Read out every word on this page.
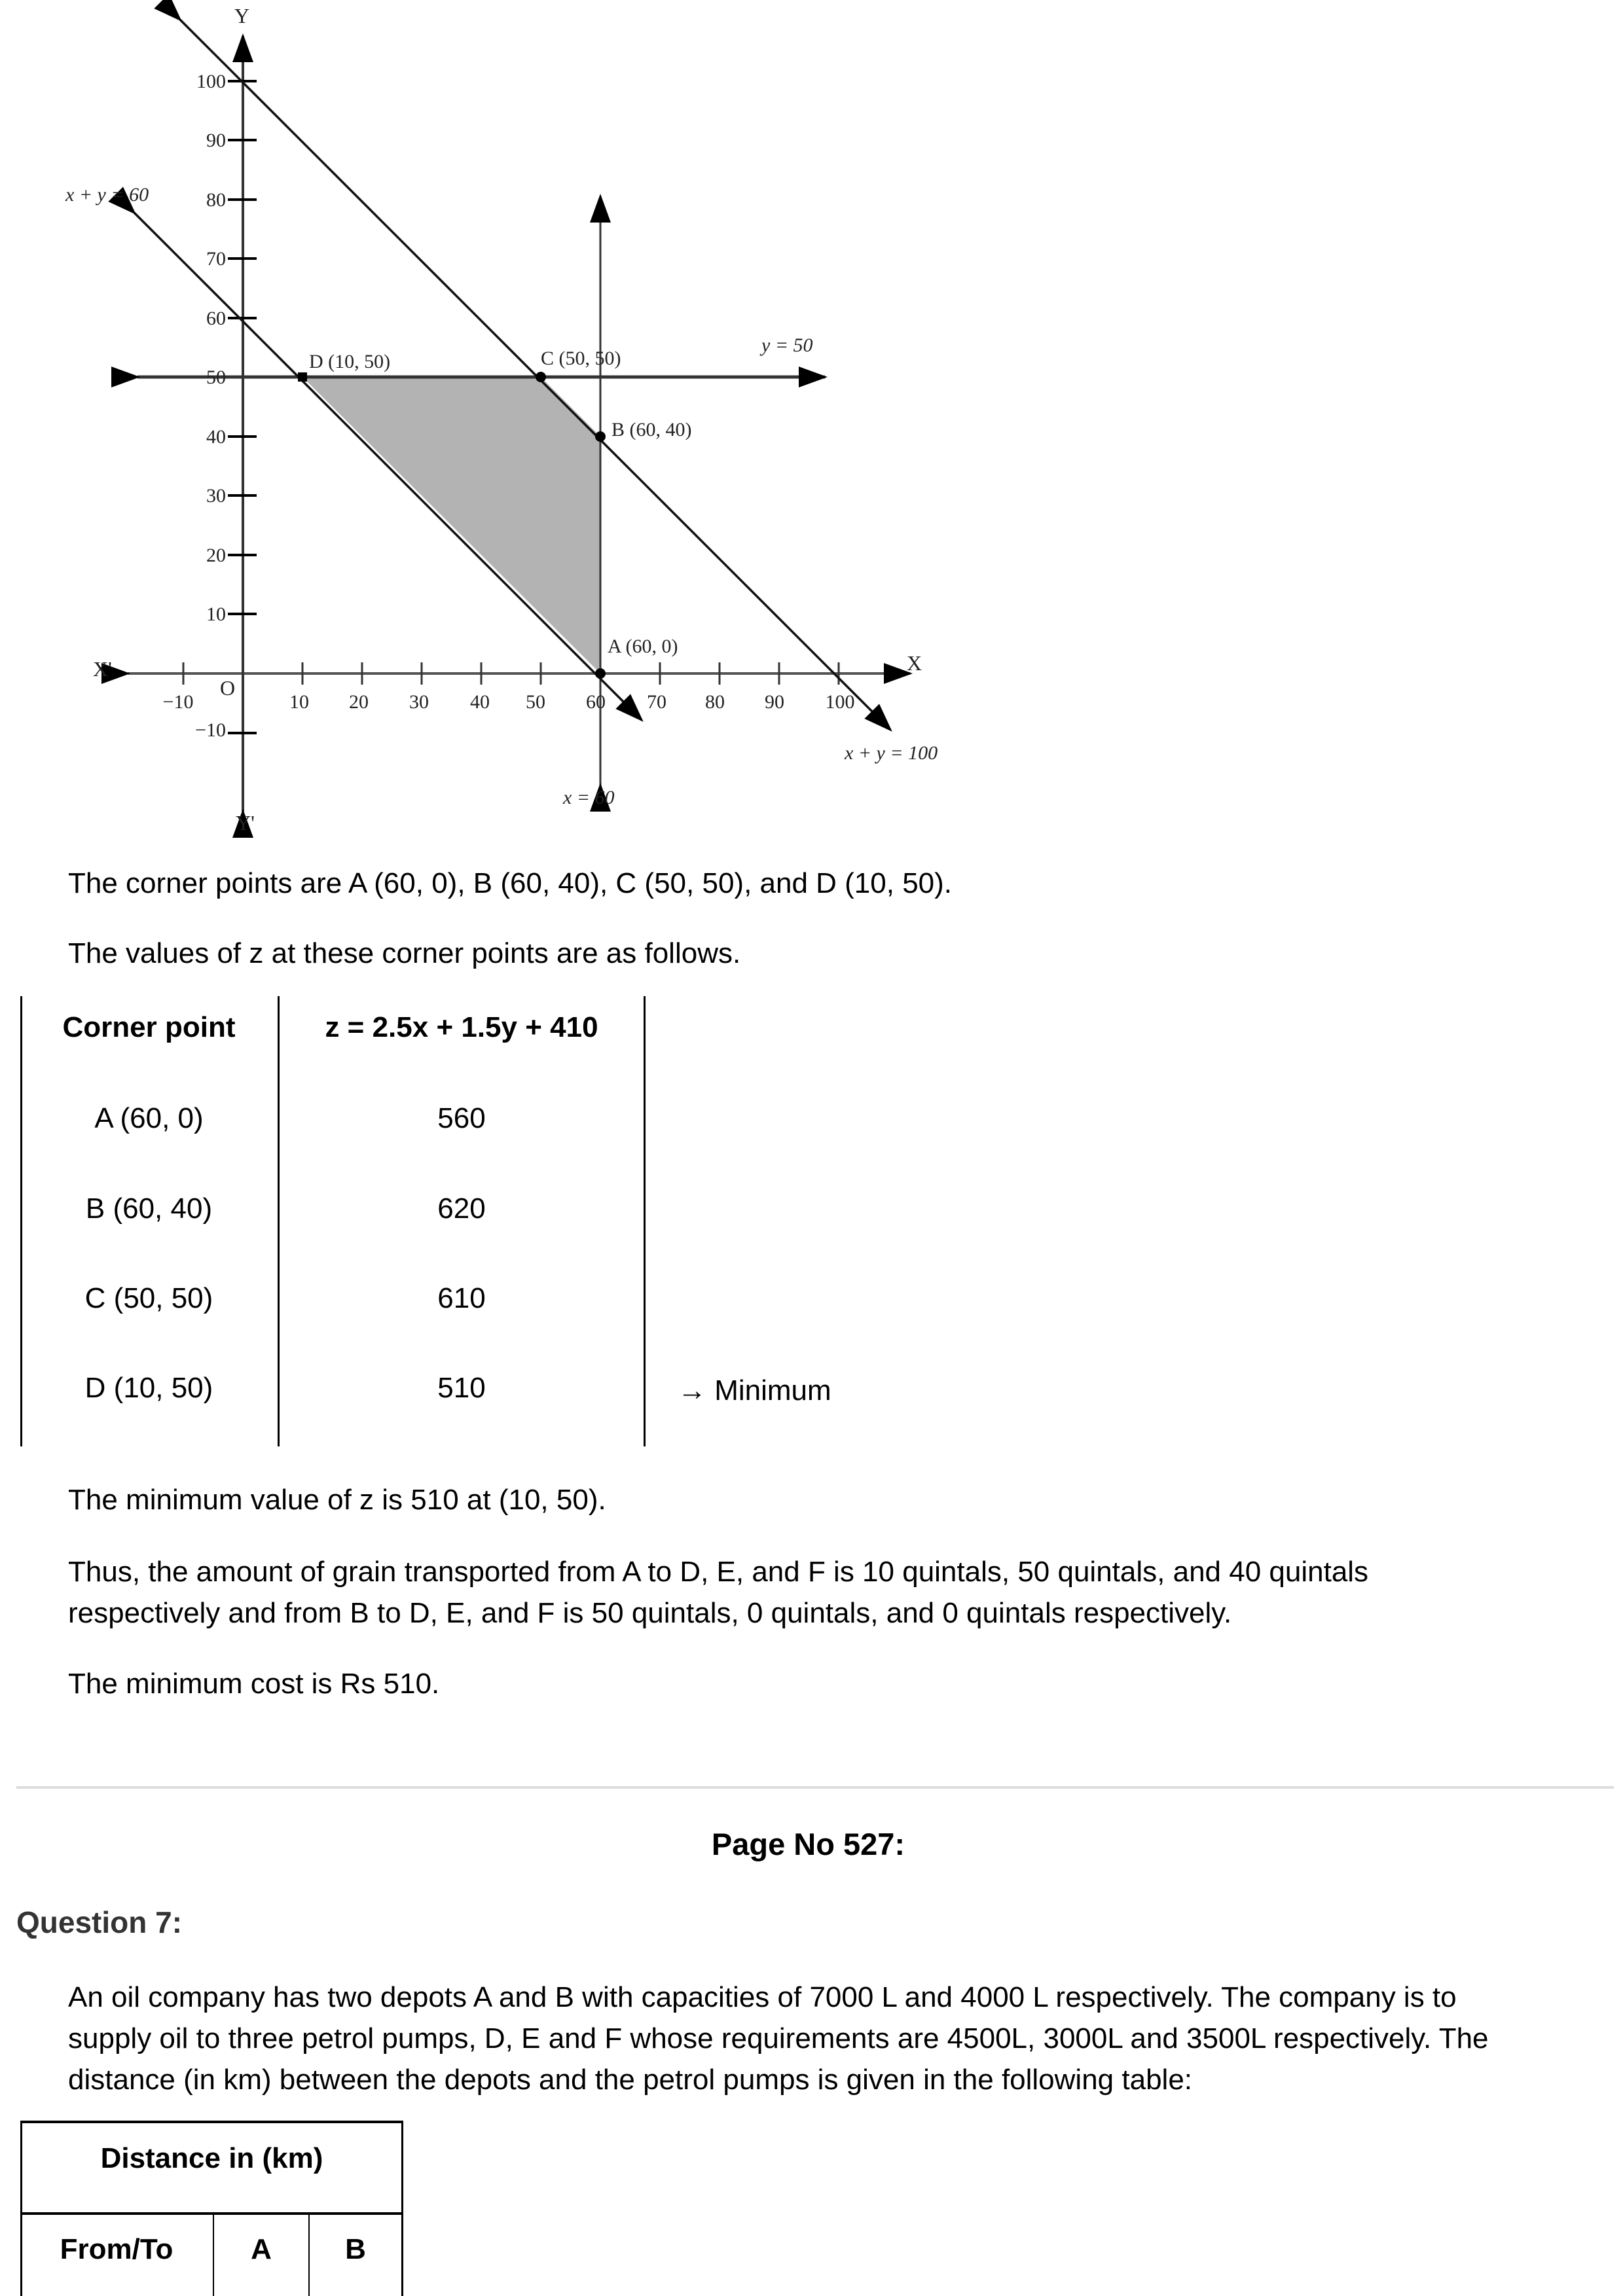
−10	10 20 30 40 50 60 70 80 90 100
100
90
80
70
60
50
40
30
20
10
−10
Y
Y'
X
X'
O
x + y = 60
x + y = 100
y = 50
x = 60
D (10, 50)	C (50, 50)
B (60, 40)
A (60, 0)
The corner points are A (60, 0), B (60, 40), C (50, 50), and D (10, 50).
The values of z at these corner points are as follows.
Corner point	z = 2.5x + 1.5y + 410
A (60, 0)	560
B (60, 40)	620
C (50, 50)	610
D (10, 50)	510	→ Minimum
The minimum value of z is 510 at (10, 50).
Thus, the amount of grain transported from A to D, E, and F is 10 quintals, 50 quintals, and 40 quintals
respectively and from B to D, E, and F is 50 quintals, 0 quintals, and 0 quintals respectively.
The minimum cost is Rs 510.
Page No 527:
Question 7:
An oil company has two depots A and B with capacities of 7000 L and 4000 L respectively. The company is to
supply oil to three petrol pumps, D, E and F whose requirements are 4500L, 3000L and 3500L respectively. The
distance (in km) between the depots and the petrol pumps is given in the following table:
Distance in (km)
From/To	A	B
